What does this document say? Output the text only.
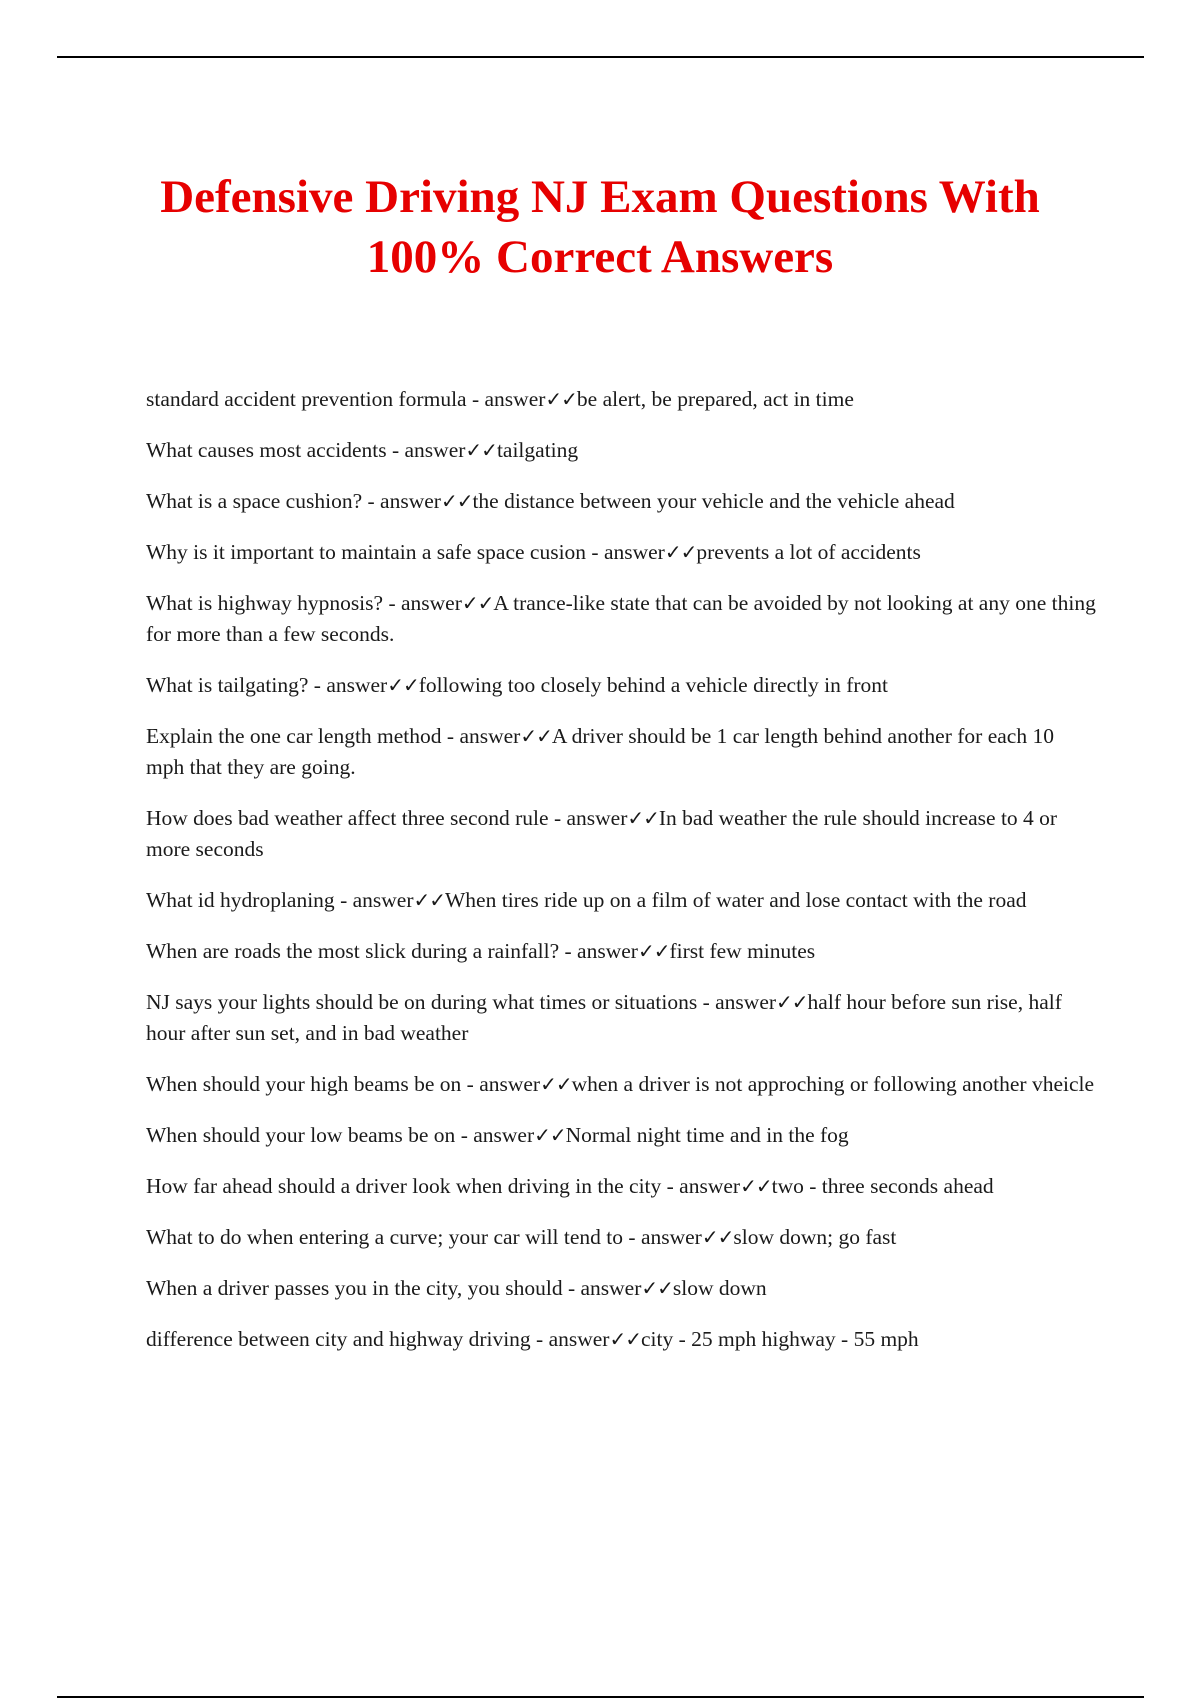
Defensive Driving NJ Exam Questions With
100% Correct Answers
standard accident prevention formula - answer✓✓be alert, be prepared, act in time
What causes most accidents - answer✓✓tailgating
What is a space cushion? - answer✓✓the distance between your vehicle and the vehicle ahead
Why is it important to maintain a safe space cusion - answer✓✓prevents a lot of accidents
What is highway hypnosis? - answer✓✓A trance-like state that can be avoided by not looking at any one thing for more than a few seconds.
What is tailgating? - answer✓✓following too closely behind a vehicle directly in front
Explain the one car length method - answer✓✓A driver should be 1 car length behind another for each 10 mph that they are going.
How does bad weather affect three second rule - answer✓✓In bad weather the rule should increase to 4 or more seconds
What id hydroplaning - answer✓✓When tires ride up on a film of water and lose contact with the road
When are roads the most slick during a rainfall? - answer✓✓first few minutes
NJ says your lights should be on during what times or situations - answer✓✓half hour before sun rise, half hour after sun set, and in bad weather
When should your high beams be on - answer✓✓when a driver is not approching or following another vheicle
When should your low beams be on - answer✓✓Normal night time and in the fog
How far ahead should a driver look when driving in the city - answer✓✓two - three seconds ahead
What to do when entering a curve; your car will tend to - answer✓✓slow down; go fast
When a driver passes you in the city, you should - answer✓✓slow down
difference between city and highway driving - answer✓✓city - 25 mph highway - 55 mph
